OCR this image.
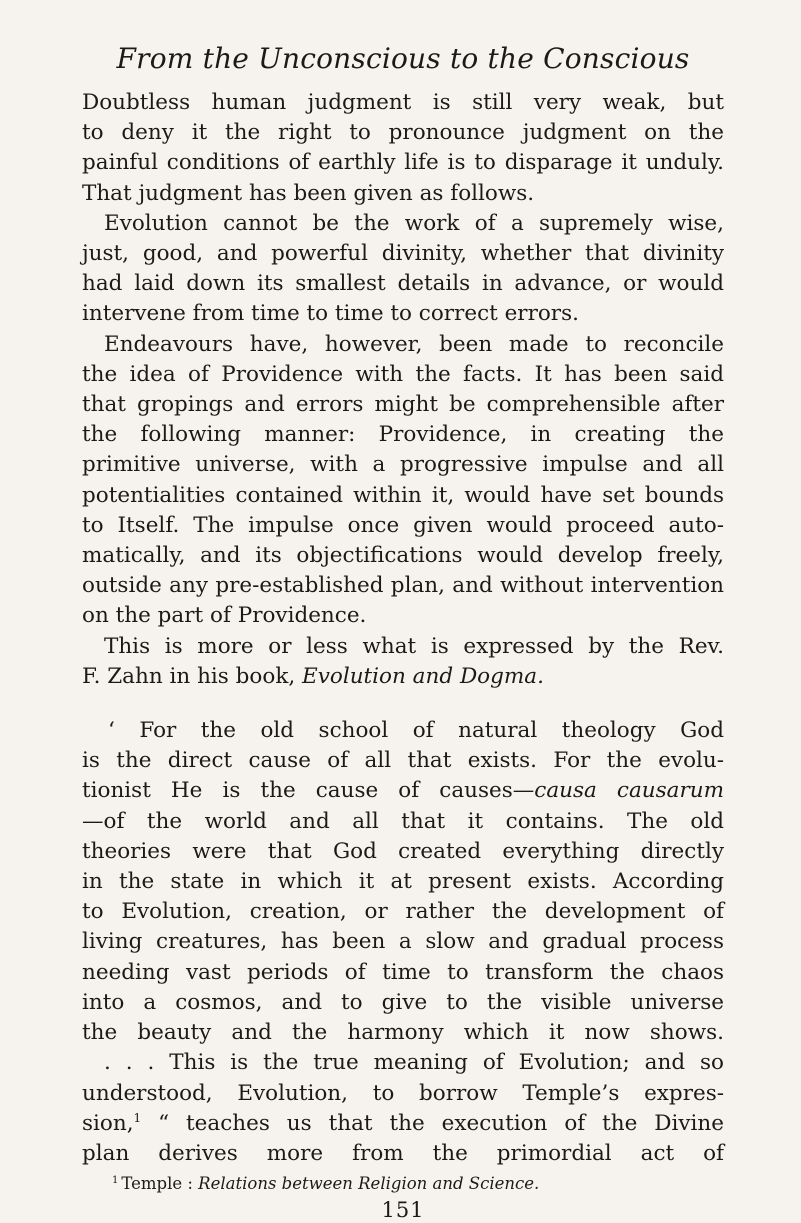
From the Unconscious to the Conscious
Doubtless human judgment is still very weak, but
to deny it the right to pronounce judgment on the
painful conditions of earthly life is to disparage it unduly.
That judgment has been given as follows.
Evolution cannot be the work of a supremely wise,
just, good, and powerful divinity, whether that divinity
had laid down its smallest details in advance, or would
intervene from time to time to correct errors.
Endeavours have, however, been made to reconcile
the idea of Providence with the facts. It has been said
that gropings and errors might be comprehensible after
the following manner: Providence, in creating the
primitive universe, with a progressive impulse and all
potentialities contained within it, would have set bounds
to Itself. The impulse once given would proceed auto-
matically, and its objectifications would develop freely,
outside any pre-established plan, and without intervention
on the part of Providence.
This is more or less what is expressed by the Rev.
F. Zahn in his book, Evolution and Dogma.
‘ For the old school of natural theology God
is the direct cause of all that exists. For the evolu-
tionist He is the cause of causes—causa causarum
—of the world and all that it contains. The old
theories were that God created everything directly
in the state in which it at present exists. According
to Evolution, creation, or rather the development of
living creatures, has been a slow and gradual process
needing vast periods of time to transform the chaos
into a cosmos, and to give to the visible universe
the beauty and the harmony which it now shows.
. . . This is the true meaning of Evolution; and so
understood, Evolution, to borrow Temple’s expres-
sion,$^1$ “ teaches us that the execution of the Divine
plan derives more from the primordial act of
$^1$ Temple : Relations between Religion and Science.
151
